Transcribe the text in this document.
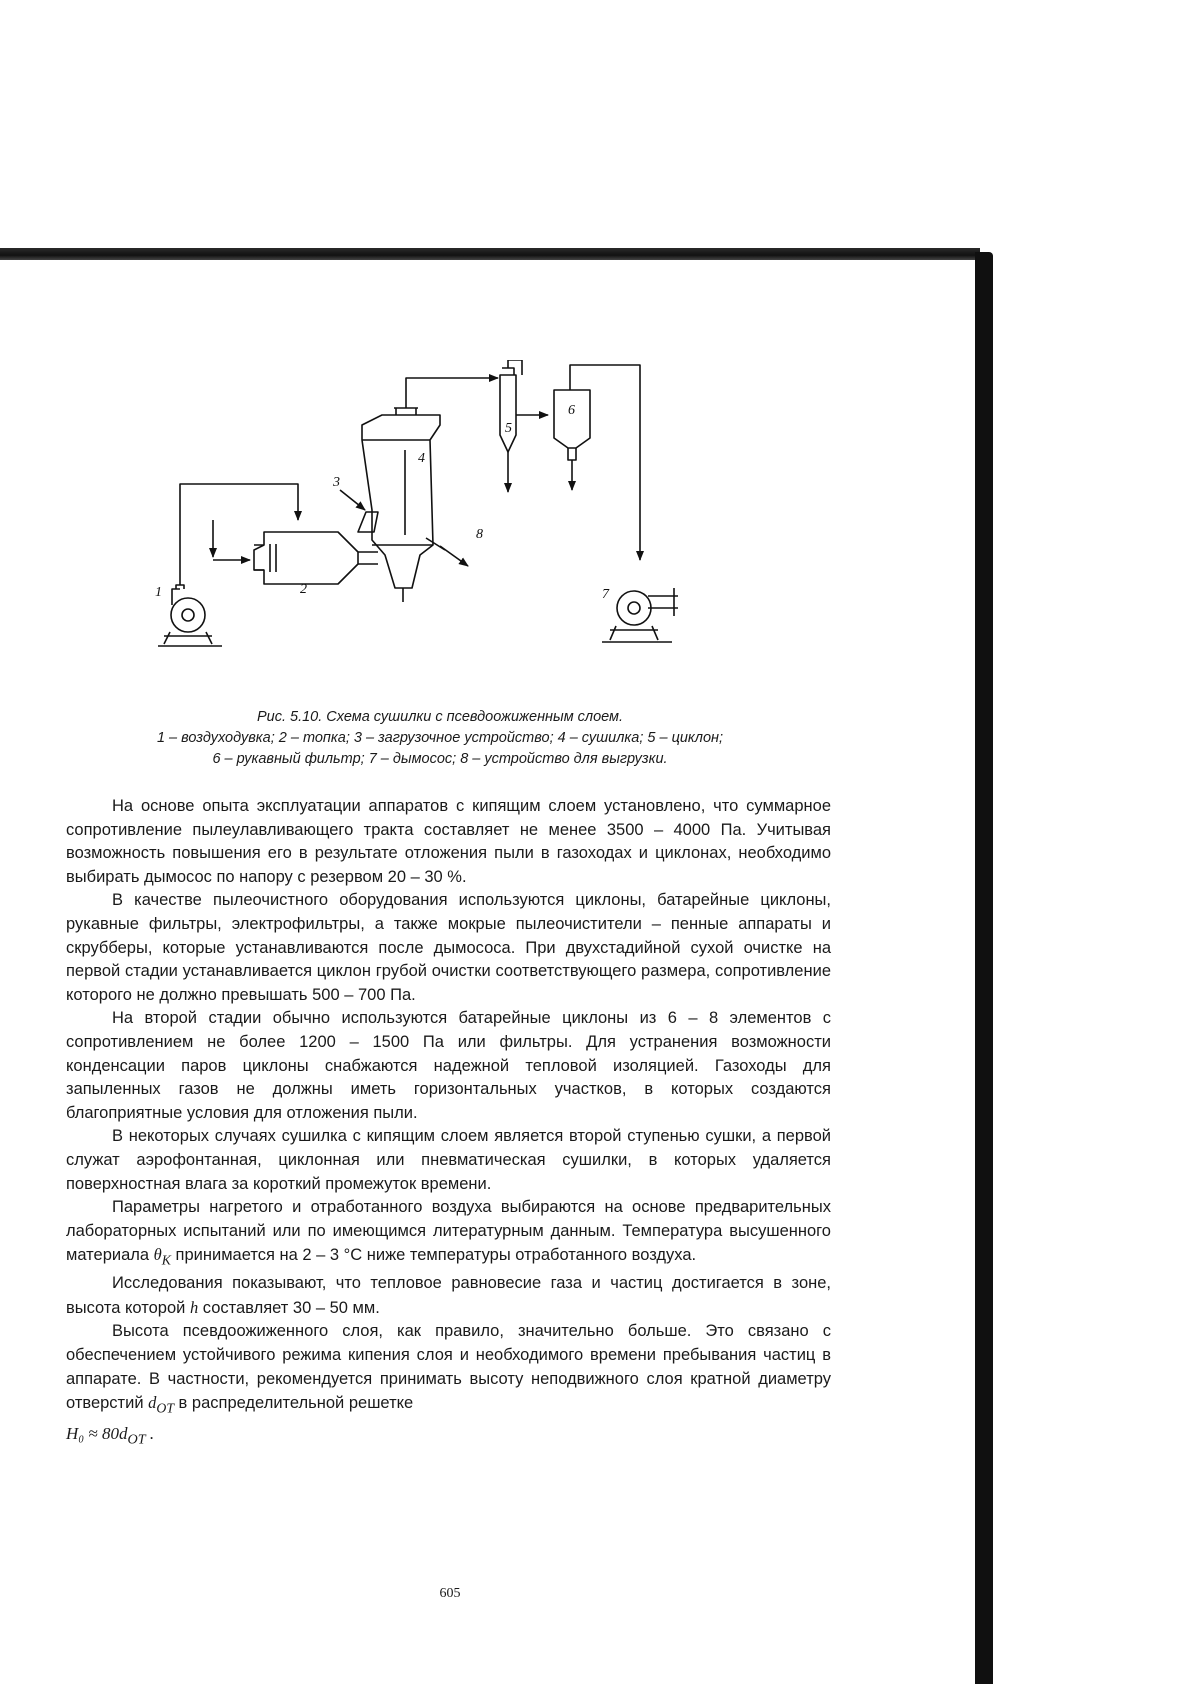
1	2
3
4
5
6
7
8
Рис. 5.10. Схема сушилки с псевдоожиженным слоем.
1 – воздуходувка; 2 – топка; 3 – загрузочное устройство; 4 – сушилка; 5 – циклон;
6 – рукавный фильтр; 7 – дымосос; 8 – устройство для выгрузки.

На основе опыта эксплуатации аппаратов с кипящим слоем установлено, что суммарное сопротивление пылеулавливающего тракта составляет не менее 3500 – 4000 Па. Учитывая возможность повышения его в результате отложения пыли в газоходах и циклонах, необходимо выбирать дымосос по напору с резервом 20 – 30 %.

В качестве пылеочистного оборудования используются циклоны, батарейные циклоны, рукавные фильтры, электрофильтры, а также мокрые пылеочистители – пенные аппараты и скрубберы, которые устанавливаются после дымососа. При двухстадийной сухой очистке на первой стадии устанавливается циклон грубой очистки соответствующего размера, сопротивление которого не должно превышать 500 – 700 Па.

На второй стадии обычно используются батарейные циклоны из 6 – 8 элементов с сопротивлением не более 1200 – 1500 Па или фильтры. Для устранения возможности конденсации паров циклоны снабжаются надежной тепловой изоляцией. Газоходы для запыленных газов не должны иметь горизонтальных участков, в которых создаются благоприятные условия для отложения пыли.

В некоторых случаях сушилка с кипящим слоем является второй ступенью сушки, а первой служат аэрофонтанная, циклонная или пневматическая сушилки, в которых удаляется поверхностная влага за короткий промежуток времени.

Параметры нагретого и отработанного воздуха выбираются на основе предварительных лабораторных испытаний или по имеющимся литературным данным. Температура высушенного материала $\theta_K$ принимается на 2 – 3 °С ниже температуры отработанного воздуха.

Исследования показывают, что тепловое равновесие газа и частиц достигается в зоне, высота которой h составляет 30 – 50 мм.

Высота псевдоожиженного слоя, как правило, значительно больше. Это связано с обеспечением устойчивого режима кипения слоя и необходимого времени пребывания частиц в аппарате. В частности, рекомендуется принимать высоту неподвижного слоя кратной диаметру отверстий $d_{ОТ}$ в распределительной решетке

$H_0 \approx 80d_{ОТ}$ .
605
